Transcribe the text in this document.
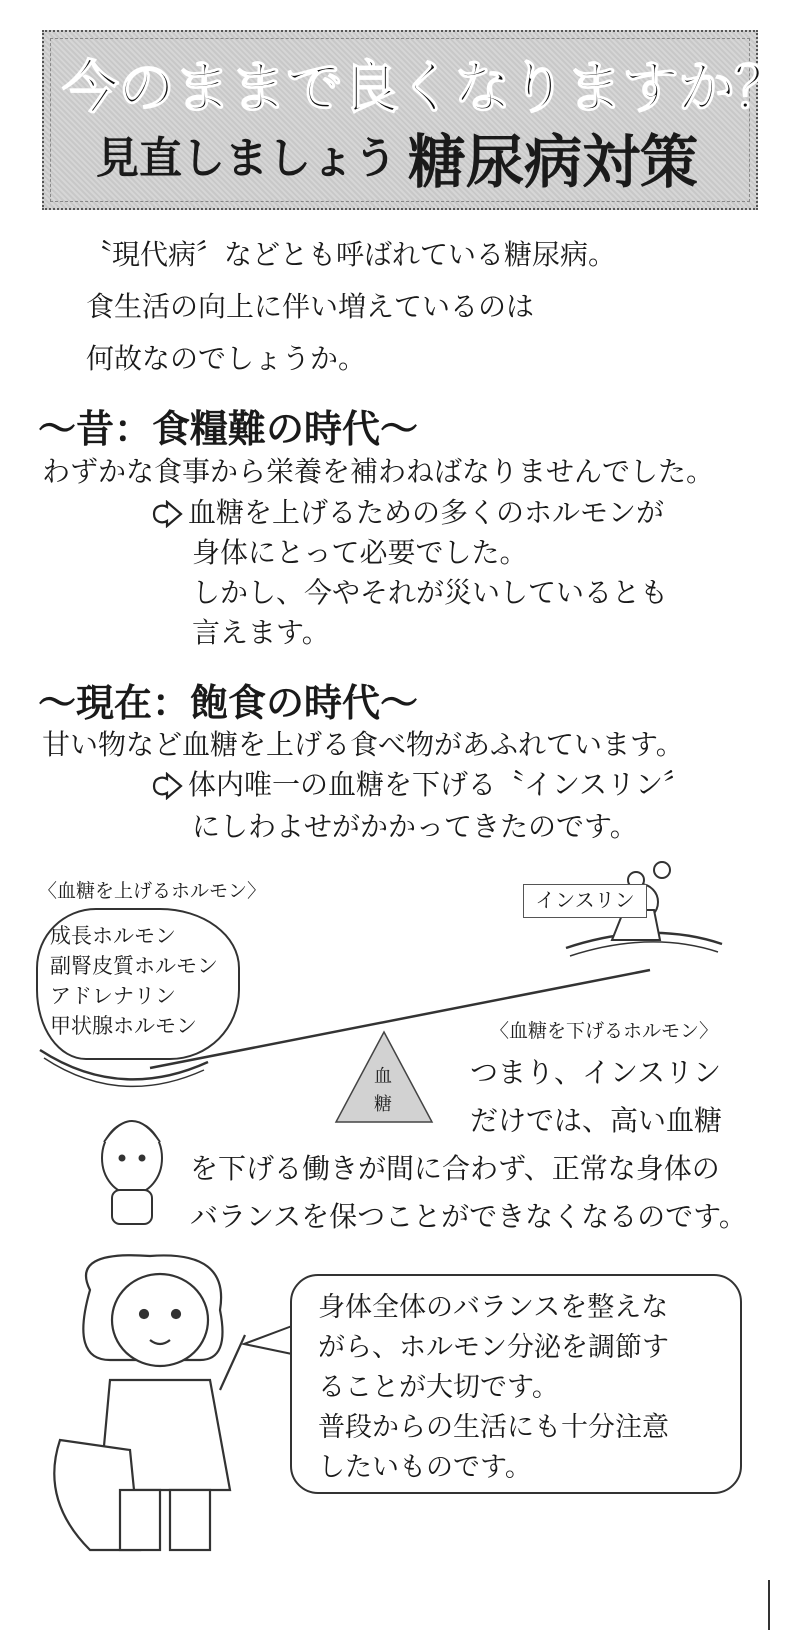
今のままで良くなりますか？
見直しましょう 糖尿病対策
〝現代病〞などとも呼ばれている糖尿病。
食生活の向上に伴い増えているのは
何故なのでしょうか。
〜昔：食糧難の時代〜
わずかな食事から栄養を補わねばなりませんでした。
血糖を上げるための多くのホルモンが
身体にとって必要でした。
しかし、今やそれが災いしているとも
言えます。
〜現在：飽食の時代〜
甘い物など血糖を上げる食べ物があふれています。
体内唯一の血糖を下げる〝インスリン〞
にしわよせがかかってきたのです。
〈血糖を上げるホルモン〉
成長ホルモン
副腎皮質ホルモン
アドレナリン
甲状腺ホルモン
インスリン
〈血糖を下げるホルモン〉
血
糖
つまり、インスリン
だけでは、高い血糖
を下げる働きが間に合わず、正常な身体の
バランスを保つことができなくなるのです。
身体全体のバランスを整えな
がら、ホルモン分泌を調節す
ることが大切です。
普段からの生活にも十分注意
したいものです。
